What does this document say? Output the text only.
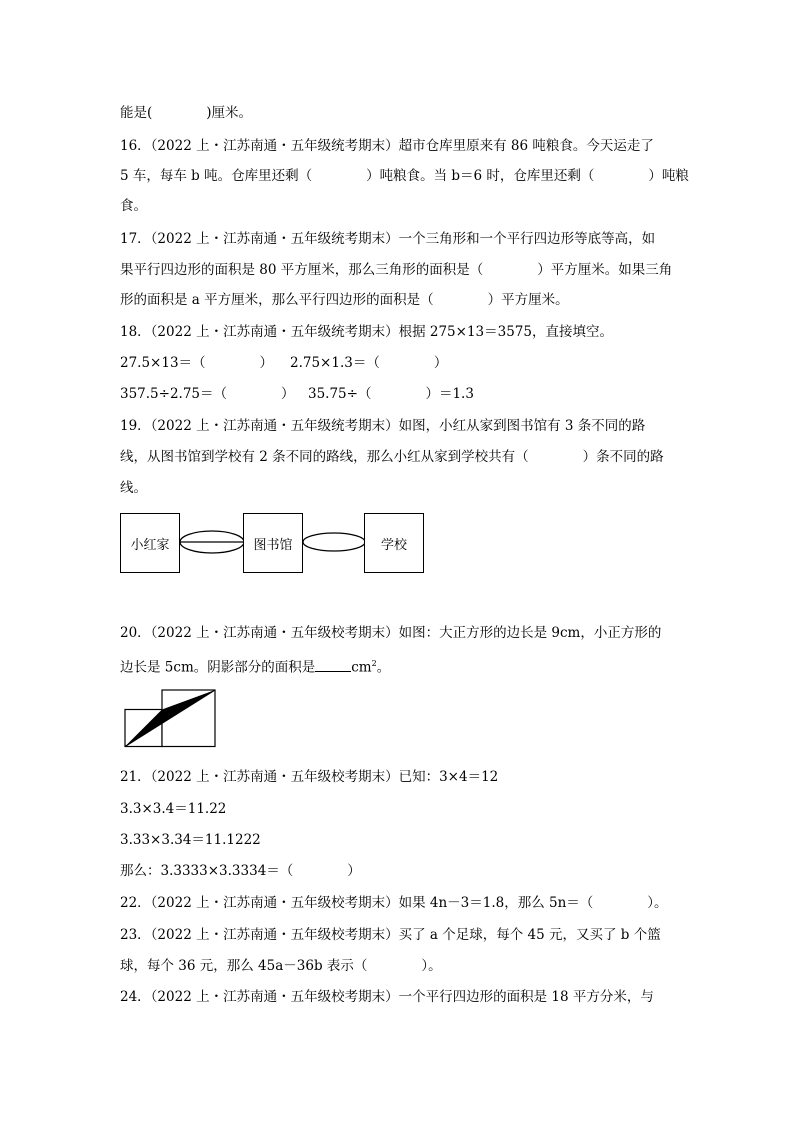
能是(　　　　)厘米。
16．（2022 上・江苏南通・五年级统考期末）超市仓库里原来有 86 吨粮食。今天运走了
5 车，每车 b 吨。仓库里还剩（　　　　）吨粮食。当 b＝6 时，仓库里还剩（　　　　）吨粮
食。
17．（2022 上・江苏南通・五年级统考期末）一个三角形和一个平行四边形等底等高，如
果平行四边形的面积是 80 平方厘米，那么三角形的面积是（　　　　）平方厘米。如果三角
形的面积是 a 平方厘米，那么平行四边形的面积是（　　　　）平方厘米。
18．（2022 上・江苏南通・五年级统考期末）根据 275×13＝3575，直接填空。
27.5×13＝（　　　　） 2.75×1.3＝（　　　　）
357.5÷2.75＝（　　　　） 35.75÷（　　　　）＝1.3
19．（2022 上・江苏南通・五年级统考期末）如图，小红从家到图书馆有 3 条不同的路
线，从图书馆到学校有 2 条不同的路线，那么小红从家到学校共有（　　　　）条不同的路
线。
小红家	图书馆	学校
20．（2022 上・江苏南通・五年级校考期末）如图：大正方形的边长是 9cm，小正方形的
边长是 5cm。阴影部分的面积是	$cm^2$。
21．（2022 上・江苏南通・五年级校考期末）已知：3×4＝12
3.3×3.4＝11.22
3.33×3.34＝11.1222
那么：3.3333×3.3334＝（　　　　）
22．（2022 上・江苏南通・五年级校考期末）如果 4n－3＝1.8，那么 5n＝（　　　　）。
23．（2022 上・江苏南通・五年级校考期末）买了 a 个足球，每个 45 元，又买了 b 个篮
球，每个 36 元，那么 45a－36b 表示（　　　　）。
24．（2022 上・江苏南通・五年级校考期末）一个平行四边形的面积是 18 平方分米，与
